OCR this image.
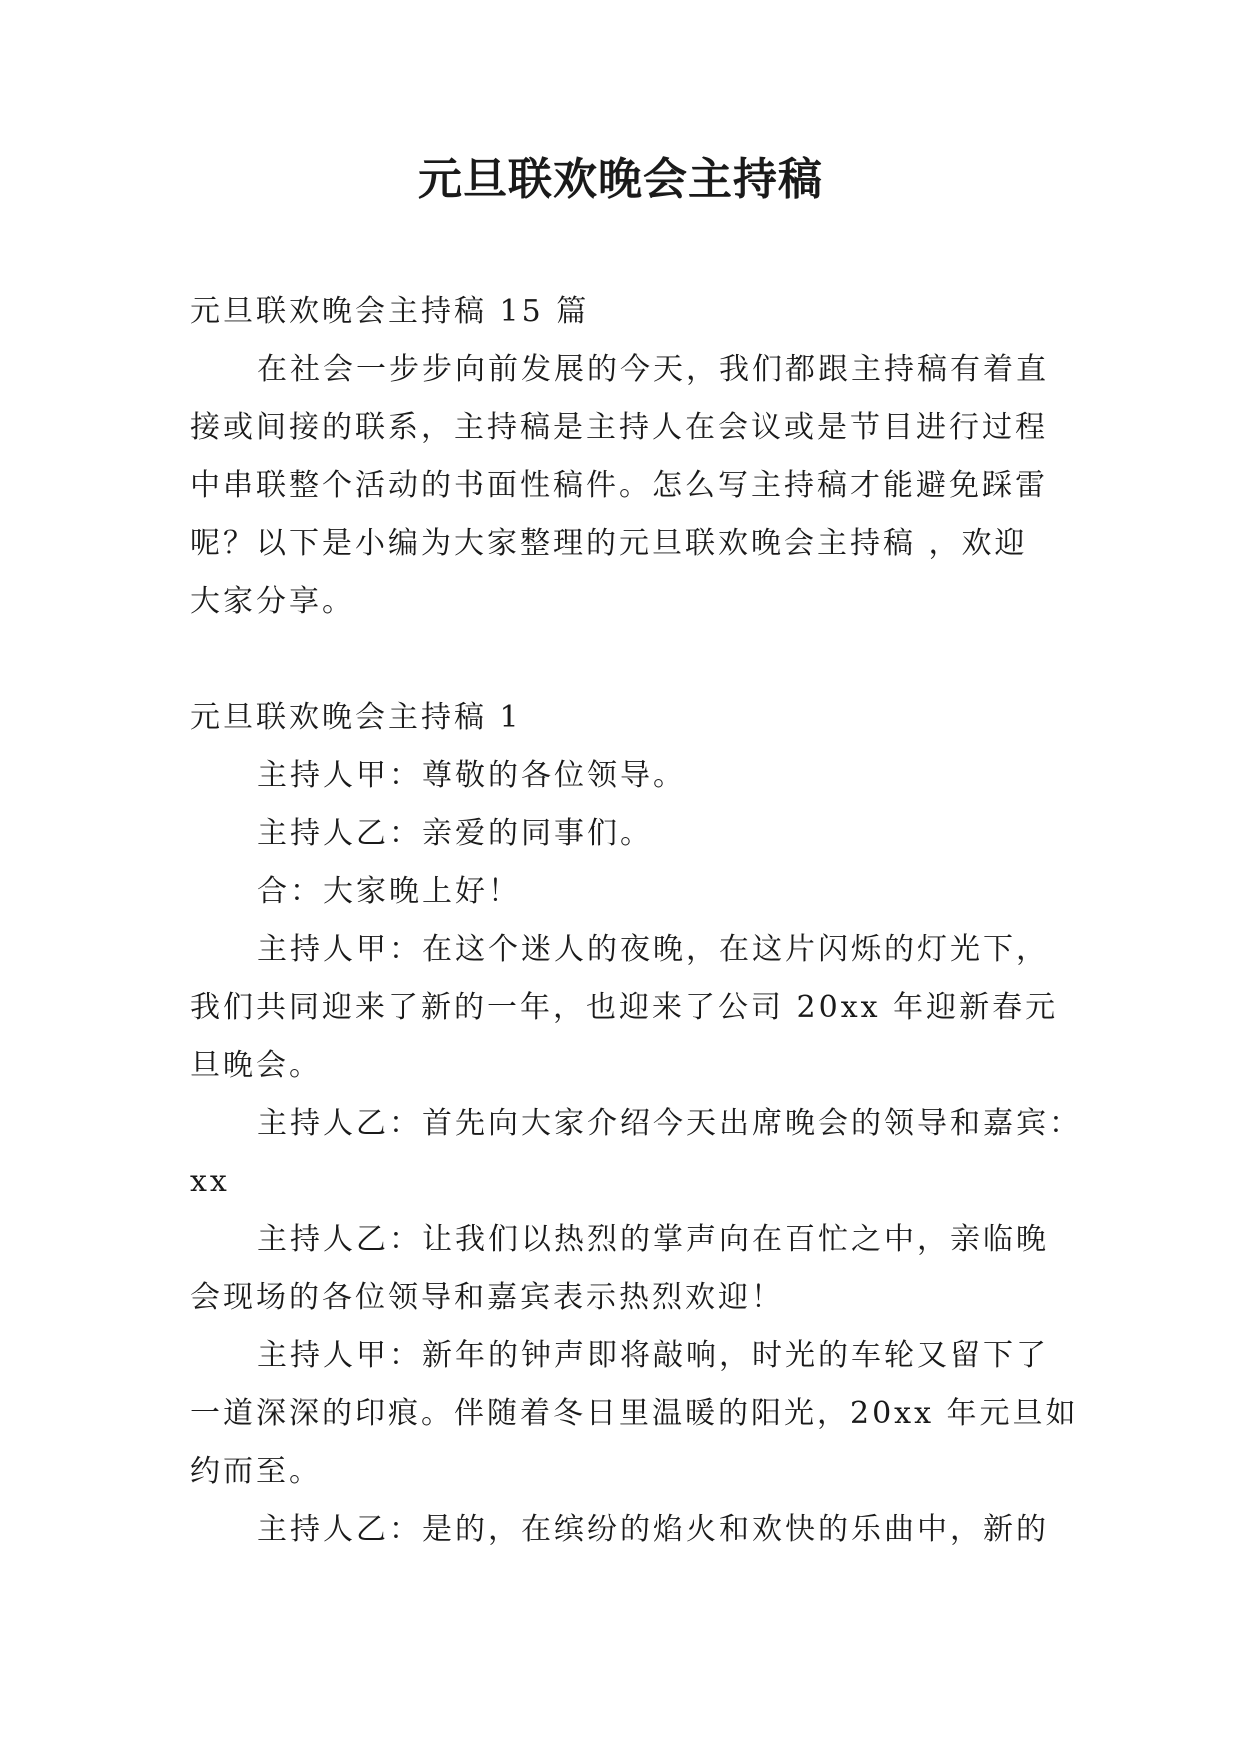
元旦联欢晚会主持稿
元旦联欢晚会主持稿 15 篇
在社会一步步向前发展的今天，我们都跟主持稿有着直
接或间接的联系，主持稿是主持人在会议或是节目进行过程
中串联整个活动的书面性稿件。怎么写主持稿才能避免踩雷
呢？以下是小编为大家整理的元旦联欢晚会主持稿 ，欢迎
大家分享。
元旦联欢晚会主持稿 1
主持人甲：尊敬的各位领导。
主持人乙：亲爱的同事们。
合：大家晚上好！
主持人甲：在这个迷人的夜晚，在这片闪烁的灯光下，
我们共同迎来了新的一年，也迎来了公司 20xx 年迎新春元
旦晚会。
主持人乙：首先向大家介绍今天出席晚会的领导和嘉宾：
xx
主持人乙：让我们以热烈的掌声向在百忙之中，亲临晚
会现场的各位领导和嘉宾表示热烈欢迎！
主持人甲：新年的钟声即将敲响，时光的车轮又留下了
一道深深的印痕。伴随着冬日里温暖的阳光，20xx 年元旦如
约而至。
主持人乙：是的，在缤纷的焰火和欢快的乐曲中，新的
